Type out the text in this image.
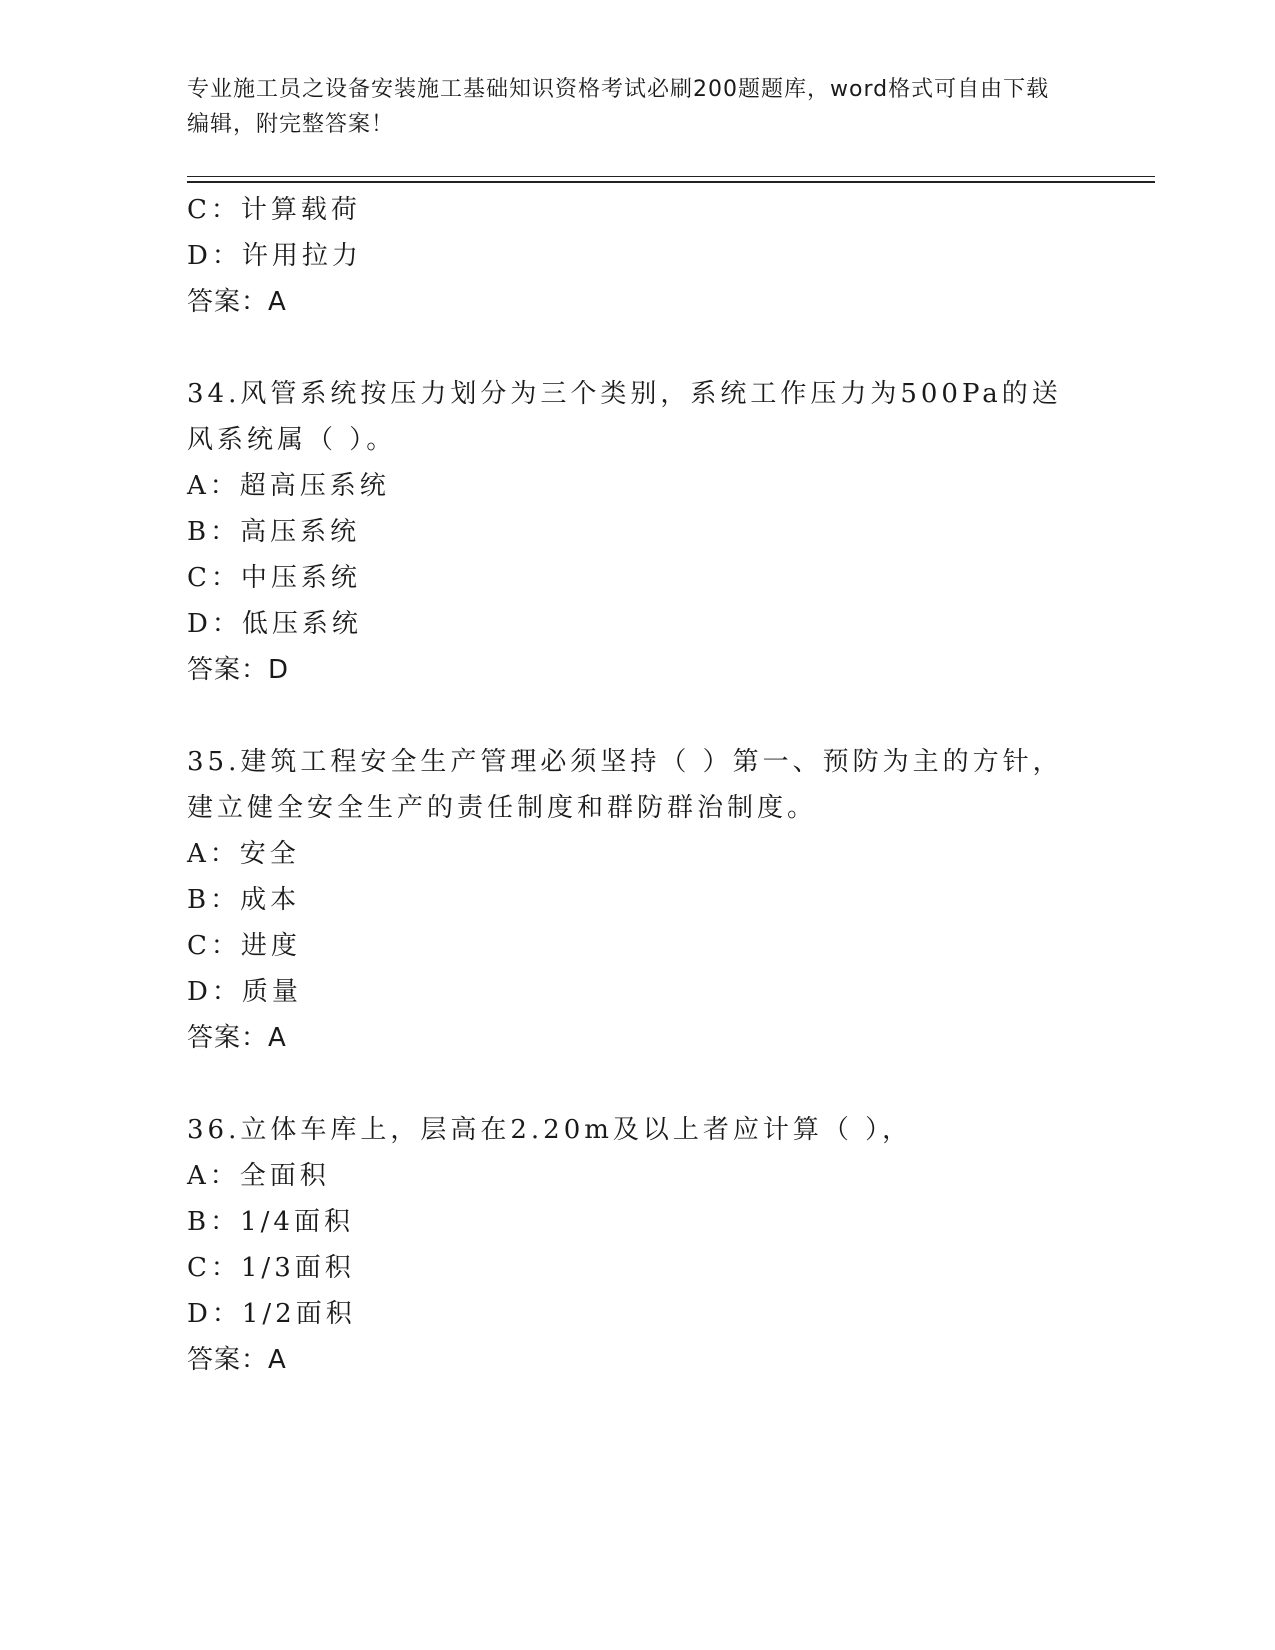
专业施工员之设备安装施工基础知识资格考试必刷200题题库，word格式可自由下载编辑，附完整答案！

C：计算载荷
D：许用拉力
答案：A
34.风管系统按压力划分为三个类别，系统工作压力为500Pa的送风系统属（ ）。
A：超高压系统
B：高压系统
C：中压系统
D：低压系统
答案：D
35.建筑工程安全生产管理必须坚持（ ）第一、预防为主的方针，建立健全安全生产的责任制度和群防群治制度。
A：安全
B：成本
C：进度
D：质量
答案：A
36.立体车库上，层高在2.20m及以上者应计算（ ），
A：全面积
B：1/4面积
C：1/3面积
D：1/2面积
答案：A
